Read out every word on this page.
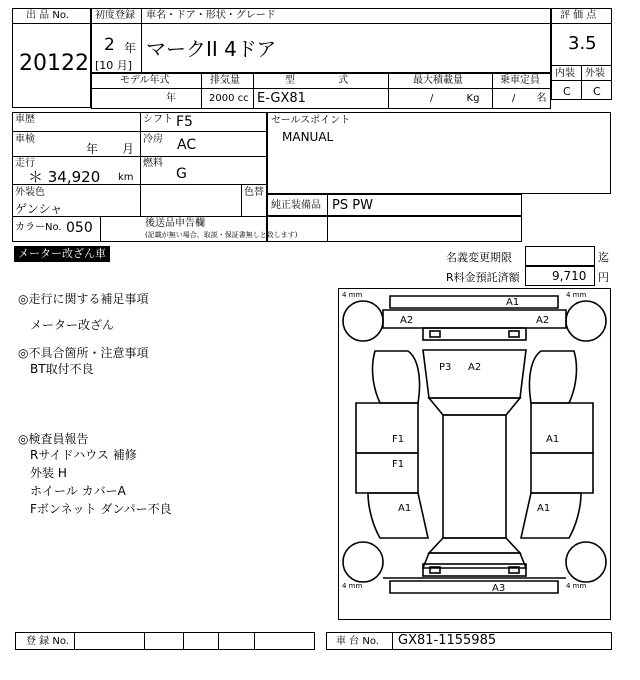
出 品 No.
20122
初度登録 車名・ドア・形状・グレード
2 年
[10 月]
マークII 4ドア
評 価 点
3.5
内装 外装
C C
モデル年式	排気量	型 式	最大積載量	乗車定員
年	2000 cc E-GX81	/ Kg	/ 名
車歴	シフト F5
車検
年 月
冷房 AC
走行
＊ 34,920 km
燃料
G
外装色
ゲンシャ
色替
カラーNo. 050	後送品申告欄
(記載が無い場合、取説・保証書無しと致します)
セールスポイント
MANUAL
純正装備品 PS PW
メーター改ざん車	名義変更期限	迄
R料金預託済額	9,710 円
◎走行に関する補足事項
メーター改ざん
◎不具合箇所・注意事項
BT取付不良
◎検査員報告
Rサイドハウス 補修
外装 H
ホイール カバーA
Fボンネット ダンパー不良
4 mm	4 mm
4 mm	4 mm
A1
A2	A2
P3 A2
F1
F1
A1
A1	A1
A3
登 録 No.	車 台 No. GX81-1155985
